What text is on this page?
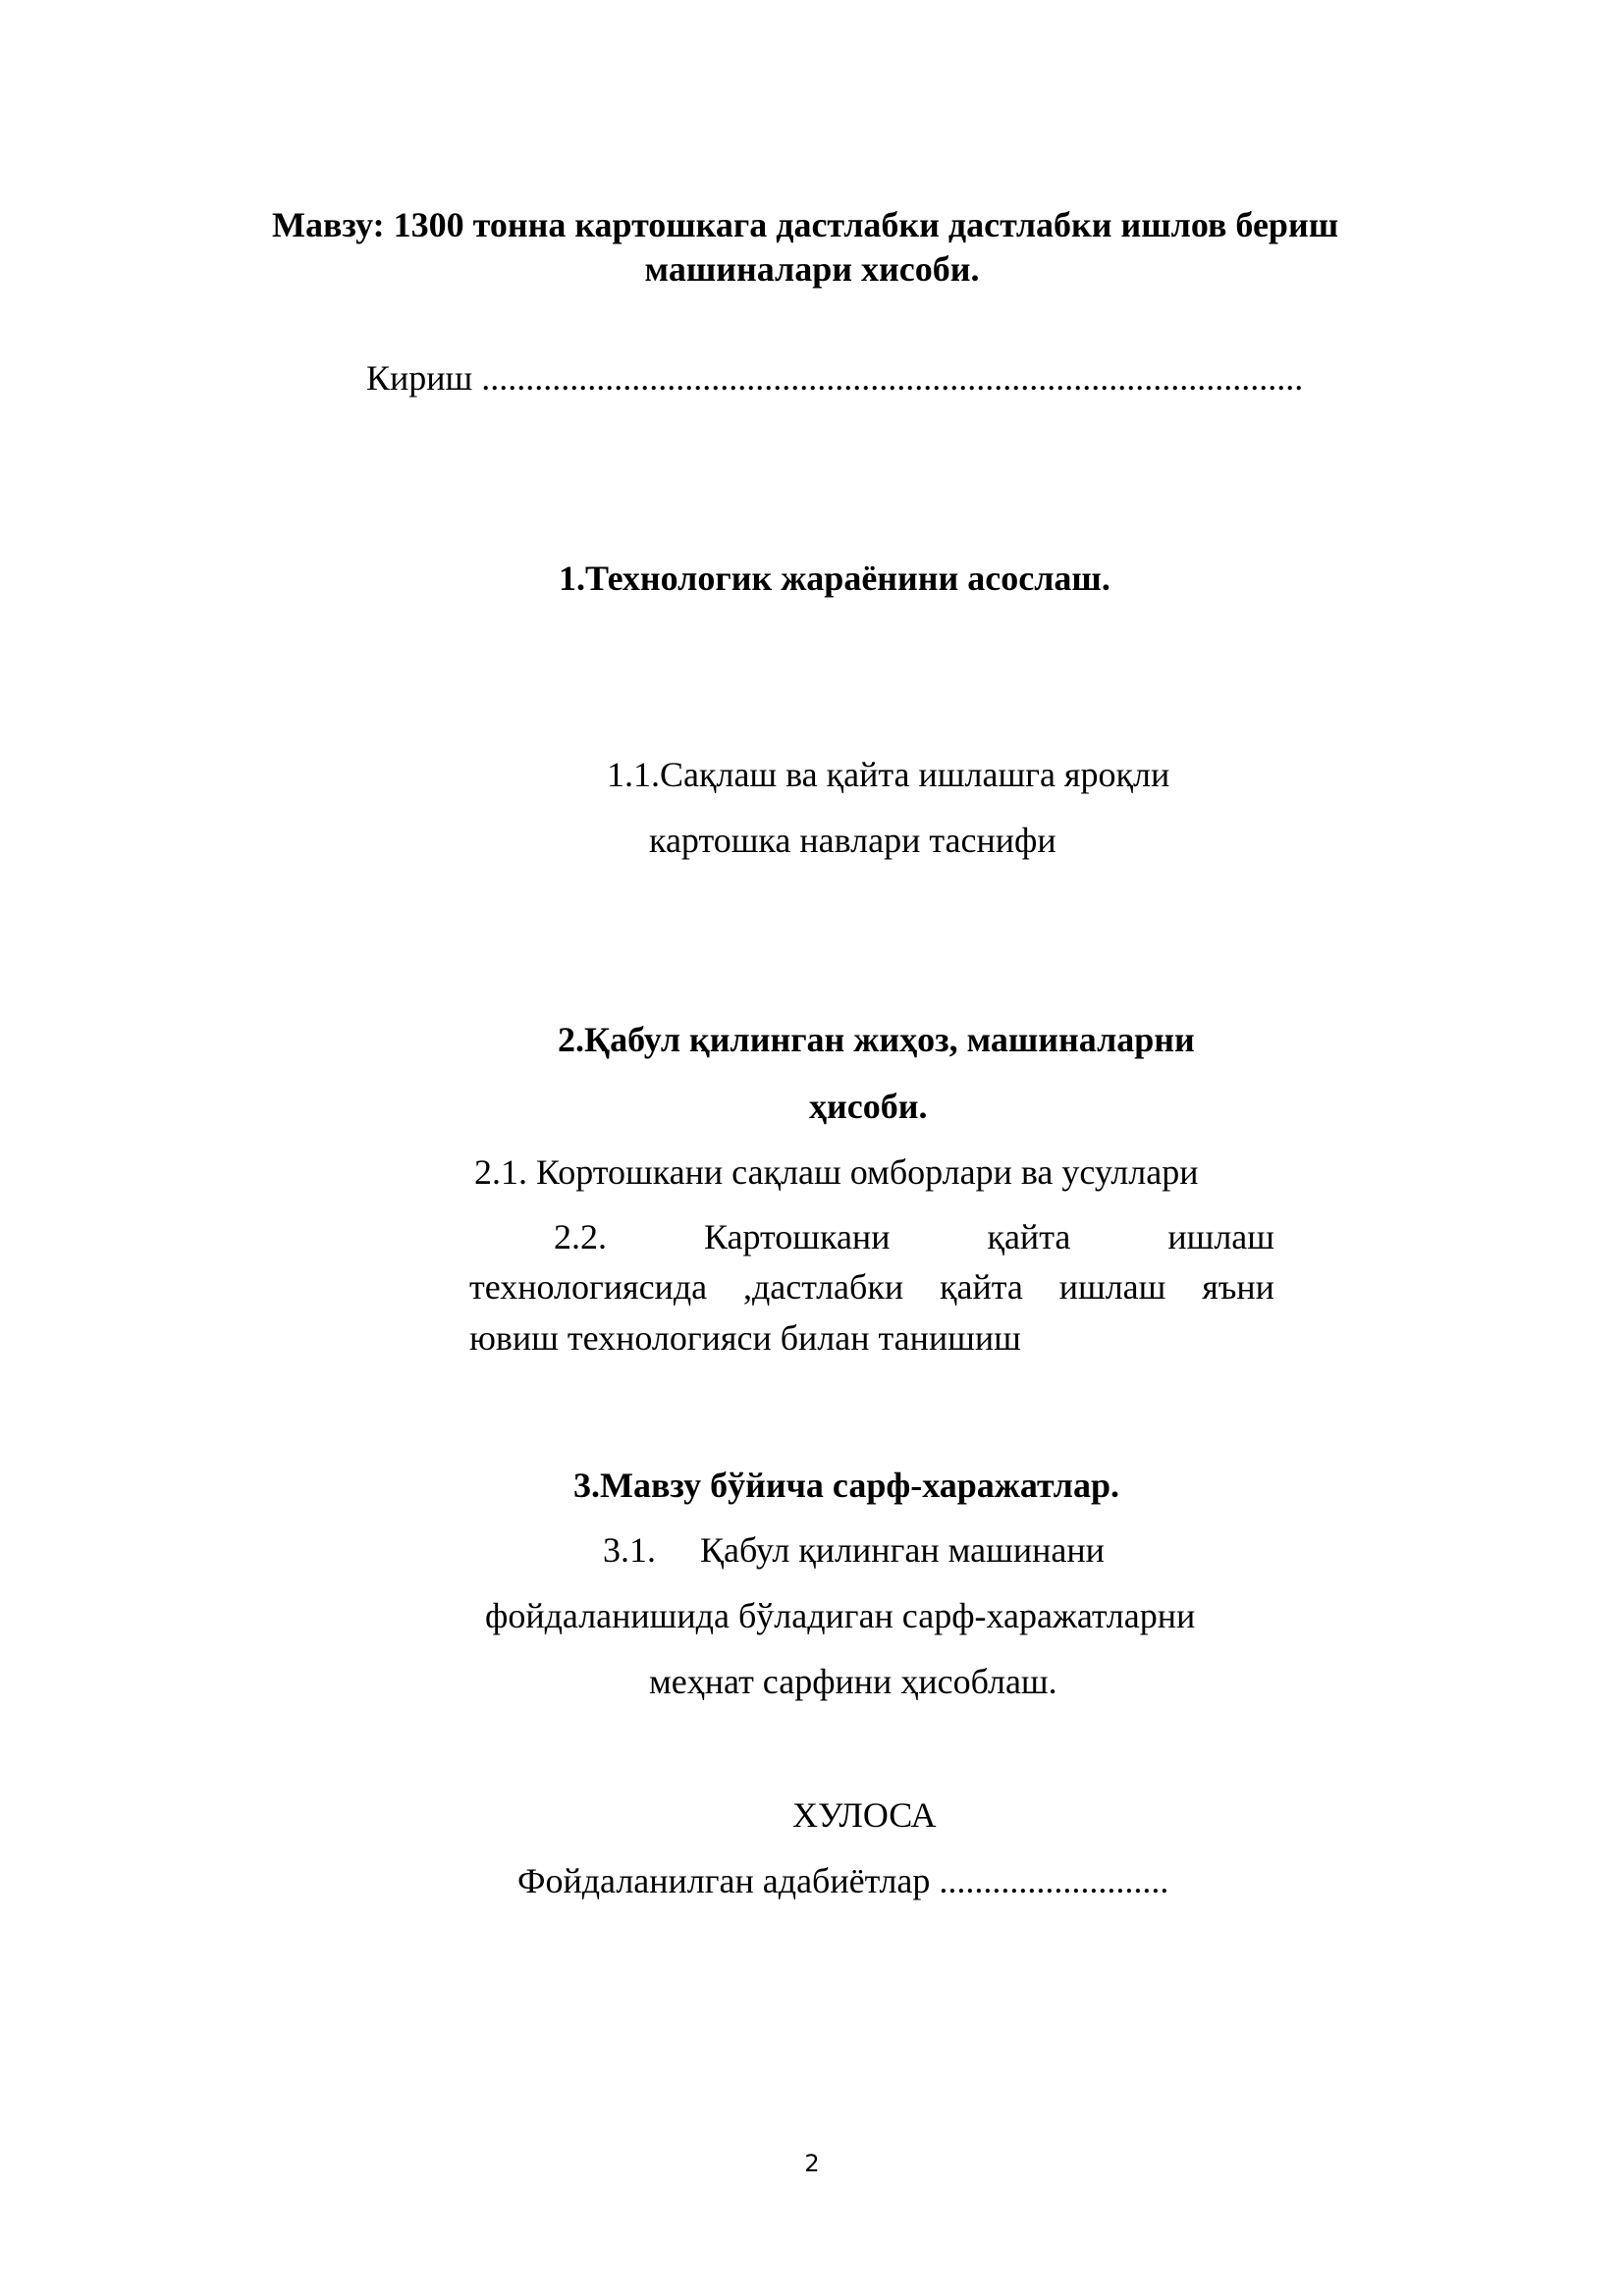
Мавзу: 1300 тонна картошкага дастлабки дастлабки ишлов бериш
машиналари хисоби.
Кириш .............................................................................................
1.Технологик жараёнини асослаш.
1.1.Сақлаш ва қайта ишлашга яроқли
картошка навлари таснифи
2.Қабул қилинган жиҳоз, машиналарни
ҳисоби.
2.1. Кортошкани сақлаш омборлари ва усуллари
2.2.	Картошкани	қайта	ишлаш
технологиясида ,дастлабки қайта ишлаш яъни
ювиш технологияси билан танишиш
3.Мавзу бўйича сарф-харажатлар.
3.1.     Қабул қилинган машинани
фойдаланишида бўладиган сарф-харажатларни
меҳнат сарфини ҳисоблаш.
ХУЛОСА
Фойдаланилган адабиётлар ..........................
2
